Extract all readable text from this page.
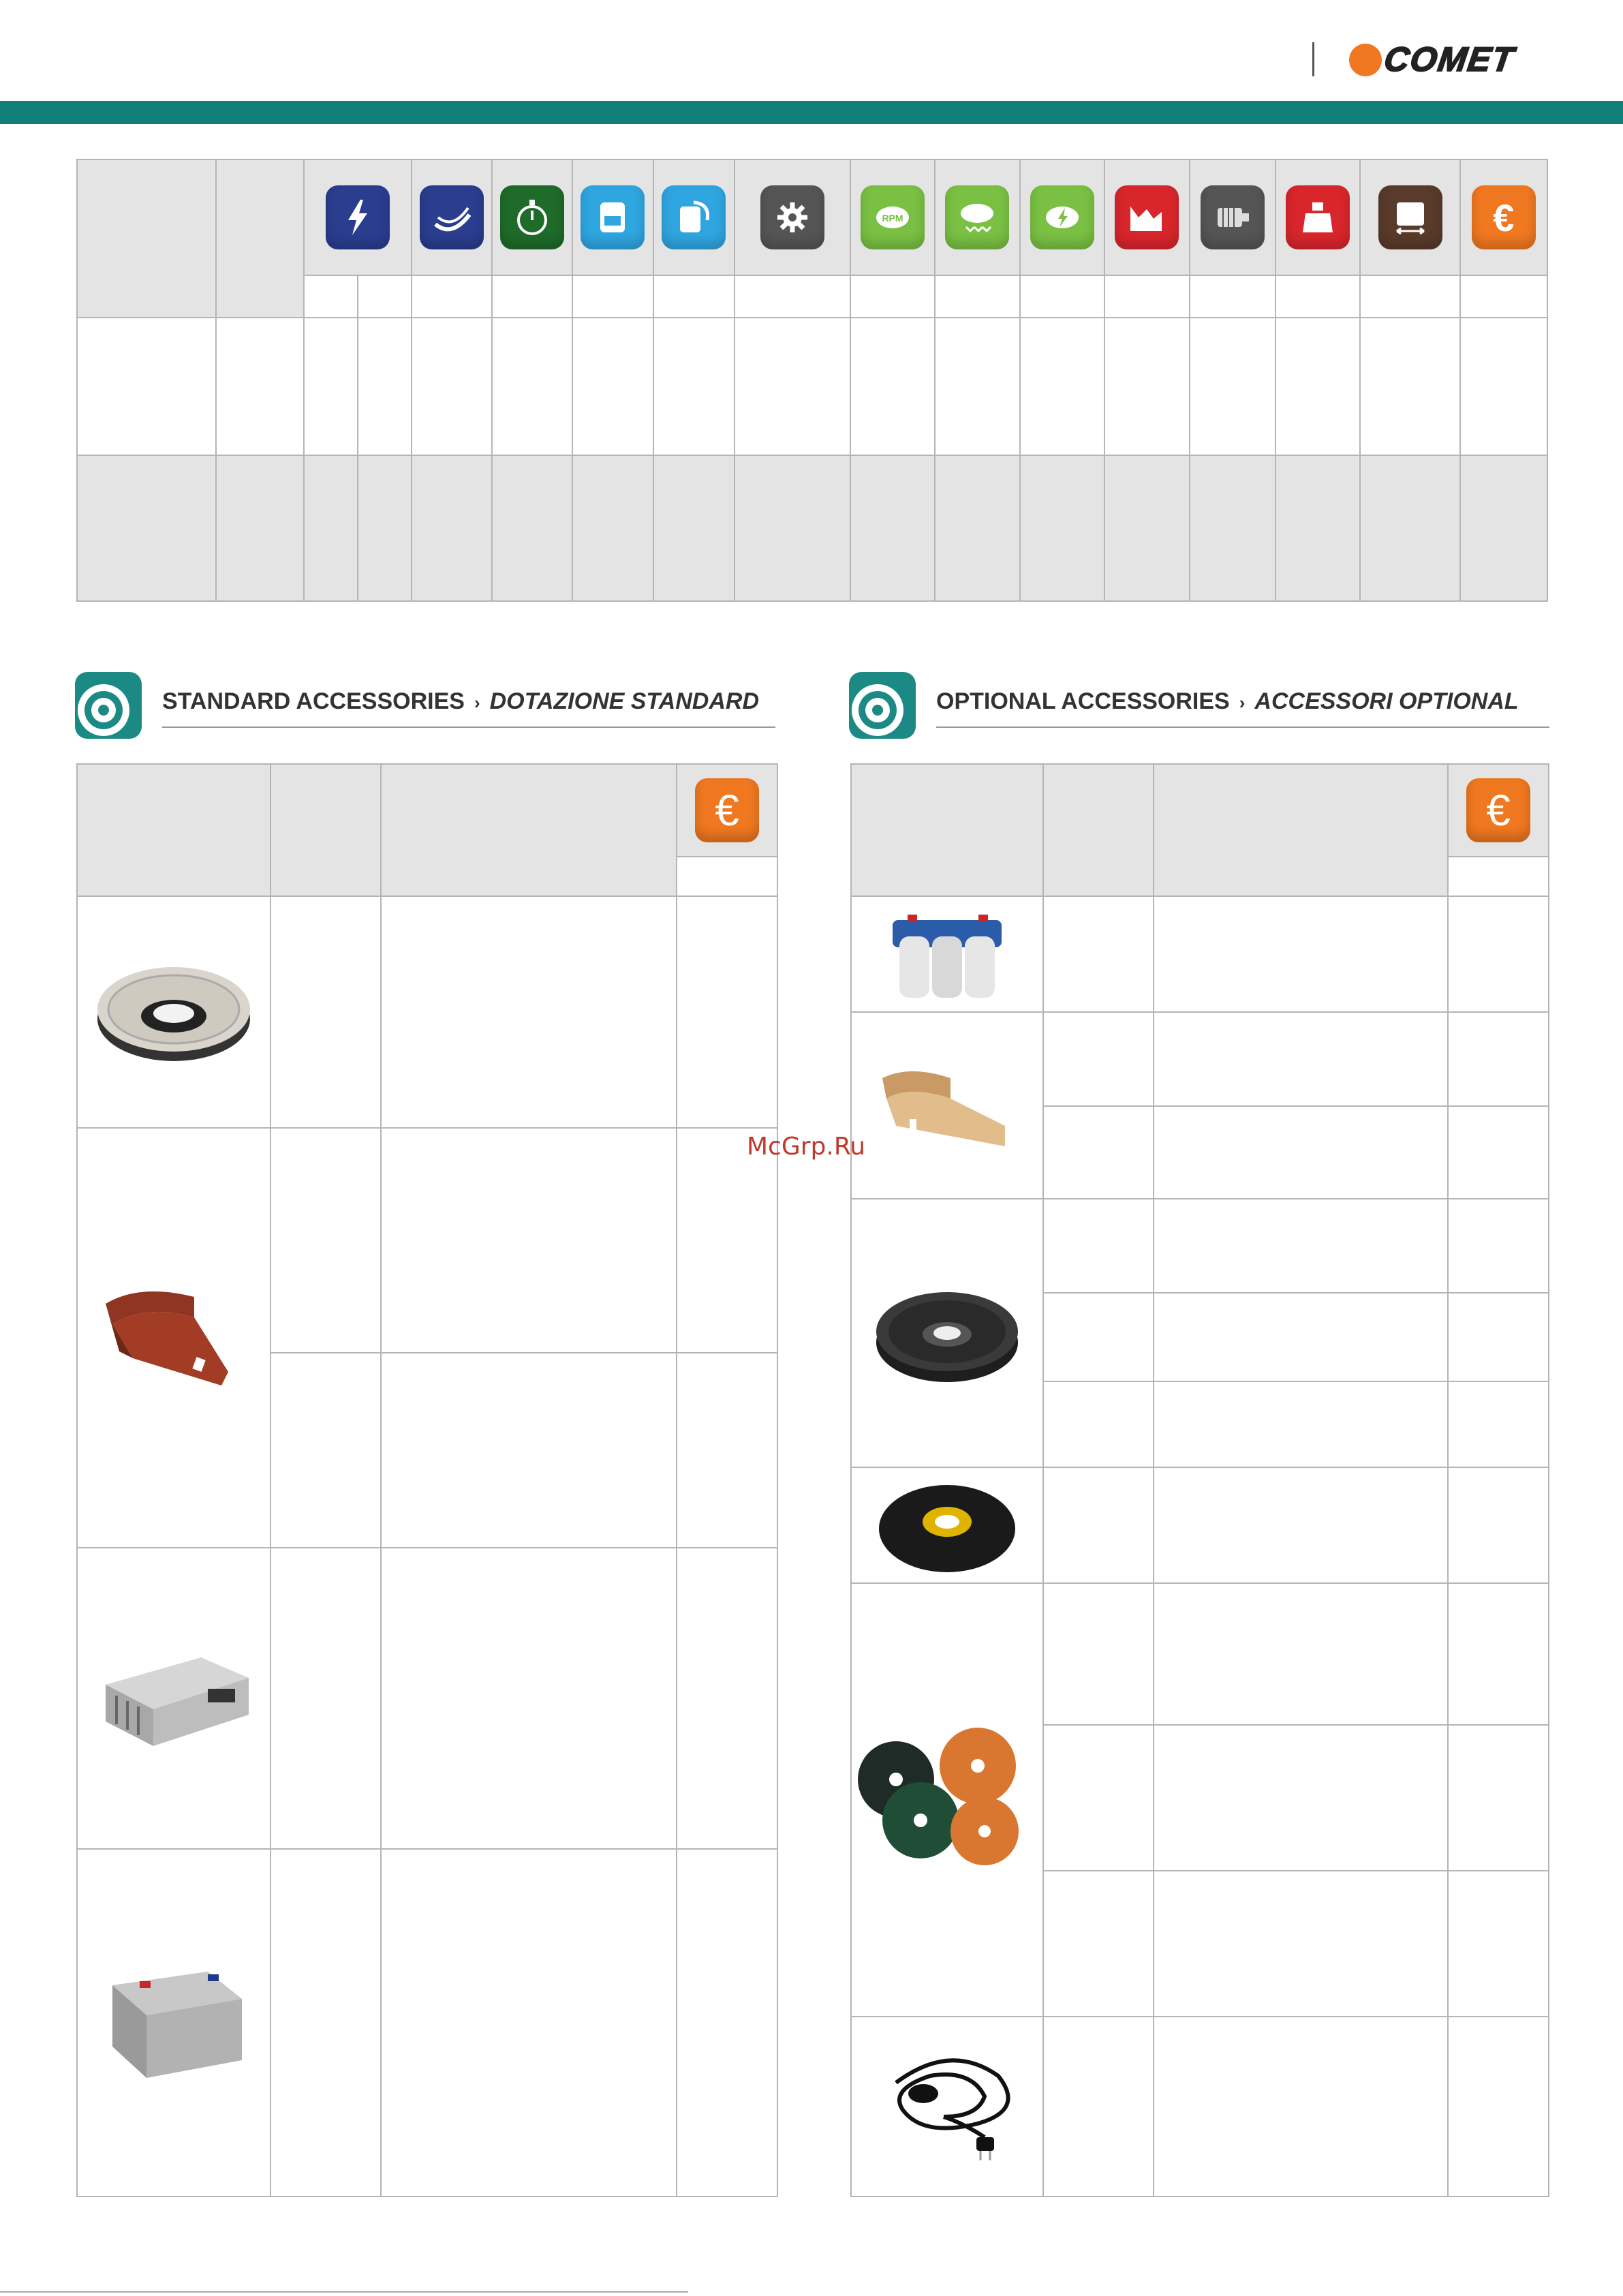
COMET

RPM							€

STANDARD ACCESSORIES › DOTAZIONE STANDARD	OPTIONAL ACCESSORIES › ACCESSORI OPTIONAL

€

€

McGrp.Ru
